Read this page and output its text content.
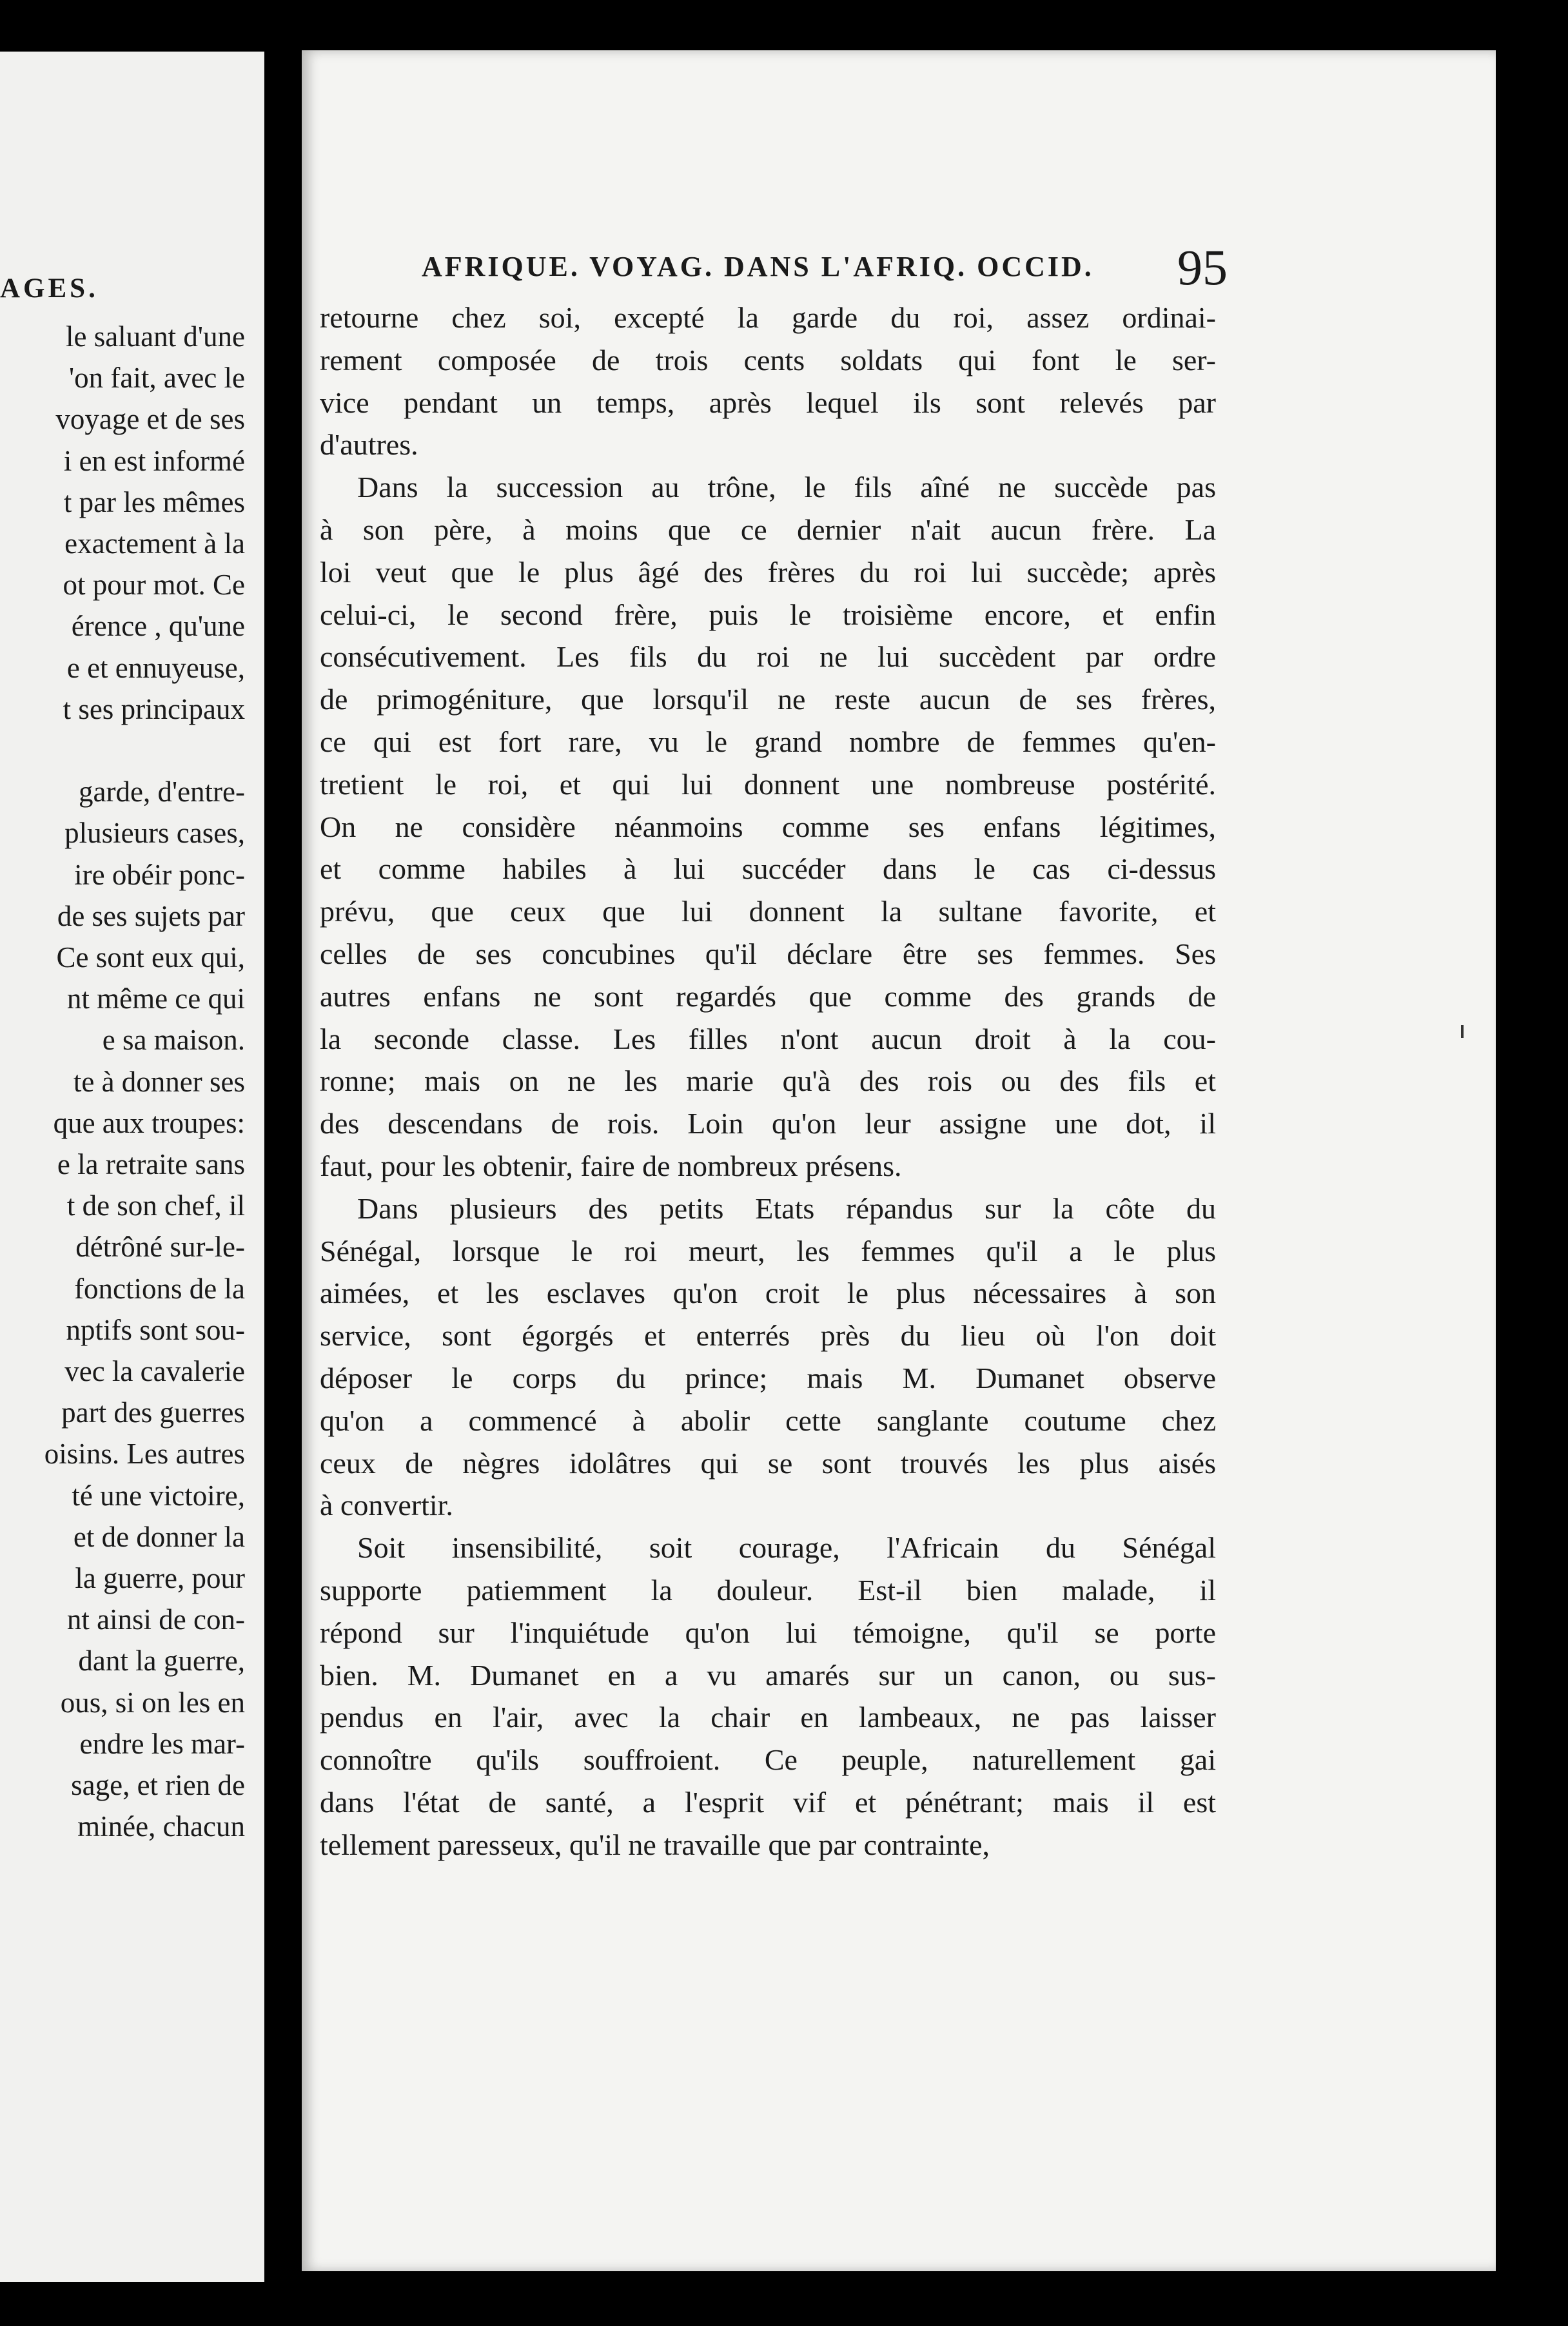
AGES.
le saluant d'une
'on fait, avec le
voyage et de ses
i en est informé
t par les mêmes
exactement à la
ot pour mot. Ce
érence , qu'une
e et ennuyeuse,
t ses principaux
garde, d'entre-
plusieurs cases,
ire obéir ponc-
de ses sujets par
Ce sont eux qui,
nt même ce qui
e sa maison.
te à donner ses
que aux troupes:
e la retraite sans
t de son chef, il
détrôné sur-le-
fonctions de la
nptifs sont sou-
vec la cavalerie
part des guerres
oisins. Les autres
té une victoire,
et de donner la
la guerre, pour
nt ainsi de con-
dant la guerre,
ous, si on les en
endre les mar-
sage, et rien de
minée, chacun
AFRIQUE. VOYAG. DANS L'AFRIQ. OCCID.	95
retourne chez soi, excepté la garde du roi, assez ordinai-
rement composée de trois cents soldats qui font le ser-
vice pendant un temps, après lequel ils sont relevés par
d'autres.
Dans la succession au trône, le fils aîné ne succède pas
à son père, à moins que ce dernier n'ait aucun frère. La
loi veut que le plus âgé des frères du roi lui succède; après
celui-ci, le second frère, puis le troisième encore, et enfin
consécutivement. Les fils du roi ne lui succèdent par ordre
de primogéniture, que lorsqu'il ne reste aucun de ses frères,
ce qui est fort rare, vu le grand nombre de femmes qu'en-
tretient le roi, et qui lui donnent une nombreuse postérité.
On ne considère néanmoins comme ses enfans légitimes,
et comme habiles à lui succéder dans le cas ci-dessus
prévu, que ceux que lui donnent la sultane favorite, et
celles de ses concubines qu'il déclare être ses femmes. Ses
autres enfans ne sont regardés que comme des grands de
la seconde classe. Les filles n'ont aucun droit à la cou-
ronne; mais on ne les marie qu'à des rois ou des fils et
des descendans de rois. Loin qu'on leur assigne une dot, il
faut, pour les obtenir, faire de nombreux présens.
Dans plusieurs des petits Etats répandus sur la côte du
Sénégal, lorsque le roi meurt, les femmes qu'il a le plus
aimées, et les esclaves qu'on croit le plus nécessaires à son
service, sont égorgés et enterrés près du lieu où l'on doit
déposer le corps du prince; mais M. Dumanet observe
qu'on a commencé à abolir cette sanglante coutume chez
ceux de nègres idolâtres qui se sont trouvés les plus aisés
à convertir.
Soit insensibilité, soit courage, l'Africain du Sénégal
supporte patiemment la douleur. Est-il bien malade, il
répond sur l'inquiétude qu'on lui témoigne, qu'il se porte
bien. M. Dumanet en a vu amarés sur un canon, ou sus-
pendus en l'air, avec la chair en lambeaux, ne pas laisser
connoître qu'ils souffroient. Ce peuple, naturellement gai
dans l'état de santé, a l'esprit vif et pénétrant; mais il est
tellement paresseux, qu'il ne travaille que par contrainte,
